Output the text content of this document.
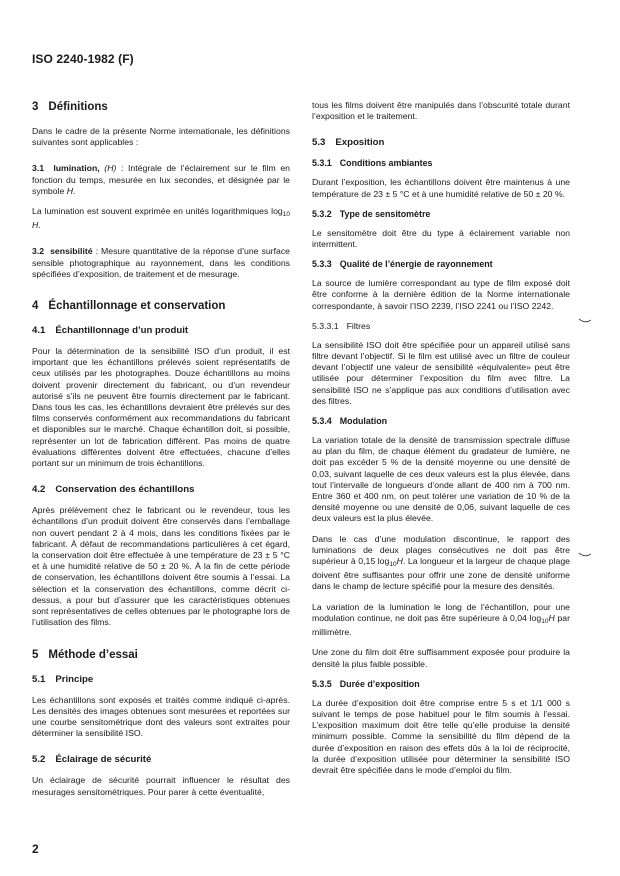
ISO 2240-1982 (F)
3 Définitions

Dans le cadre de la présente Norme internationale, les définitions suivantes sont applicables :

3.1 lumination, (H) : Intégrale de l’éclairement sur le film en fonction du temps, mesurée en lux secondes, et désignée par le symbole H.

La lumination est souvent exprimée en unités logarithmiques $\log_{10} H$.

3.2 sensibilité : Mesure quantitative de la réponse d’une surface sensible photographique au rayonnement, dans les conditions spécifiées d’exposition, de traitement et de mesurage.

4 Échantillonnage et conservation
4.1 Échantillonnage d’un produit

Pour la détermination de la sensibilité ISO d’un produit, il est important que les échantillons prélevés soient représentatifs de ceux utilisés par les photographes. Douze échantillons au moins doivent provenir directement du fabricant, ou d’un revendeur autorisé s’ils ne peuvent être fournis directement par le fabricant. Dans tous les cas, les échantillons devraient être prélevés sur des films conservés conformément aux recommandations du fabricant et disponibles sur le marché. Chaque échantillon doit, si possible, représenter un lot de fabrication différent. Pas moins de quatre évaluations différentes doivent être effectuées, chacune d’elles portant sur un minimum de trois échantillons.

4.2 Conservation des échantillons

Après prélèvement chez le fabricant ou le revendeur, tous les échantillons d’un produit doivent être conservés dans l’emballage non ouvert pendant 2 à 4 mois, dans les conditions fixées par le fabricant. À défaut de recommandations particulières à cet égard, la conservation doit être effectuée à une température de 23 ± 5 °C et à une humidité relative de 50 ± 20 %. À la fin de cette période de conservation, les échantillons doivent être soumis à l’essai. La sélection et la conservation des échantillons, comme décrit ci-dessus, a pour but d’assurer que les caractéristiques obtenues sont représentatives de celles obtenues par le photographe lors de l’utilisation des films.

5 Méthode d’essai
5.1 Principe

Les échantillons sont exposés et traités comme indiqué ci-après. Les densités des images obtenues sont mesurées et reportées sur une courbe sensitométrique dont des valeurs sont extraites pour déterminer la sensibilité ISO.

5.2 Éclairage de sécurité

Un éclairage de sécurité pourrait influencer le résultat des mesurages sensitométriques. Pour parer à cette éventualité,

tous les films doivent être manipulés dans l’obscurité totale durant l’exposition et le traitement.

5.3 Exposition
5.3.1 Conditions ambiantes

Durant l’exposition, les échantillons doivent être maintenus à une température de 23 ± 5 °C et à une humidité relative de 50 ± 20 %.

5.3.2 Type de sensitomètre

Le sensitomètre doit être du type à éclairement variable non intermittent.

5.3.3 Qualité de l’énergie de rayonnement

La source de lumière correspondant au type de film exposé doit être conforme à la dernière édition de la Norme internationale correspondante, à savoir l’ISO 2239, l’ISO 2241 ou l’ISO 2242.

5.3.3.1 Filtres

La sensibilité ISO doit être spécifiée pour un appareil utilisé sans filtre devant l’objectif. Si le film est utilisé avec un filtre de couleur devant l’objectif une valeur de sensibilité «équivalente» peut être utilisée pour déterminer l’exposition du film avec filtre. La sensibilité ISO ne s’applique pas aux conditions d’utilisation avec des filtres.

5.3.4 Modulation

La variation totale de la densité de transmission spectrale diffuse au plan du film, de chaque élément du gradateur de lumière, ne doit pas excéder 5 % de la densité moyenne ou une densité de 0,03, suivant laquelle de ces deux valeurs est la plus élevée, dans tout l’intervalle de longueurs d’onde allant de 400 nm à 700 nm. Entre 360 et 400 nm, on peut tolérer une variation de 10 % de la densité moyenne ou une densité de 0,06, suivant laquelle de ces deux valeurs est la plus élevée.

Dans le cas d’une modulation discontinue, le rapport des luminations de deux plages consécutives ne doit pas être supérieur à 0,15 $\log_{10}H$. La longueur et la largeur de chaque plage doivent être suffisantes pour offrir une zone de densité uniforme dans le champ de lecture spécifié pour la mesure des densités.

La variation de la lumination le long de l’échantillon, pour une modulation continue, ne doit pas être supérieure à 0,04 $\log_{10}H$ par millimètre.

Une zone du film doit être suffisamment exposée pour produire la densité la plus faible possible.

5.3.5 Durée d’exposition

La durée d’exposition doit être comprise entre 5 s et 1/1 000 s suivant le temps de pose habituel pour le film soumis à l’essai. L’exposition maximum doit être telle qu’elle produise la densité minimum possible. Comme la sensibilité du film dépend de la durée d’exposition en raison des effets dûs à la loi de réciprocité, la durée d’exposition utilisée pour déterminer la sensibilité ISO devrait être spécifiée dans le mode d’emploi du film.

2
